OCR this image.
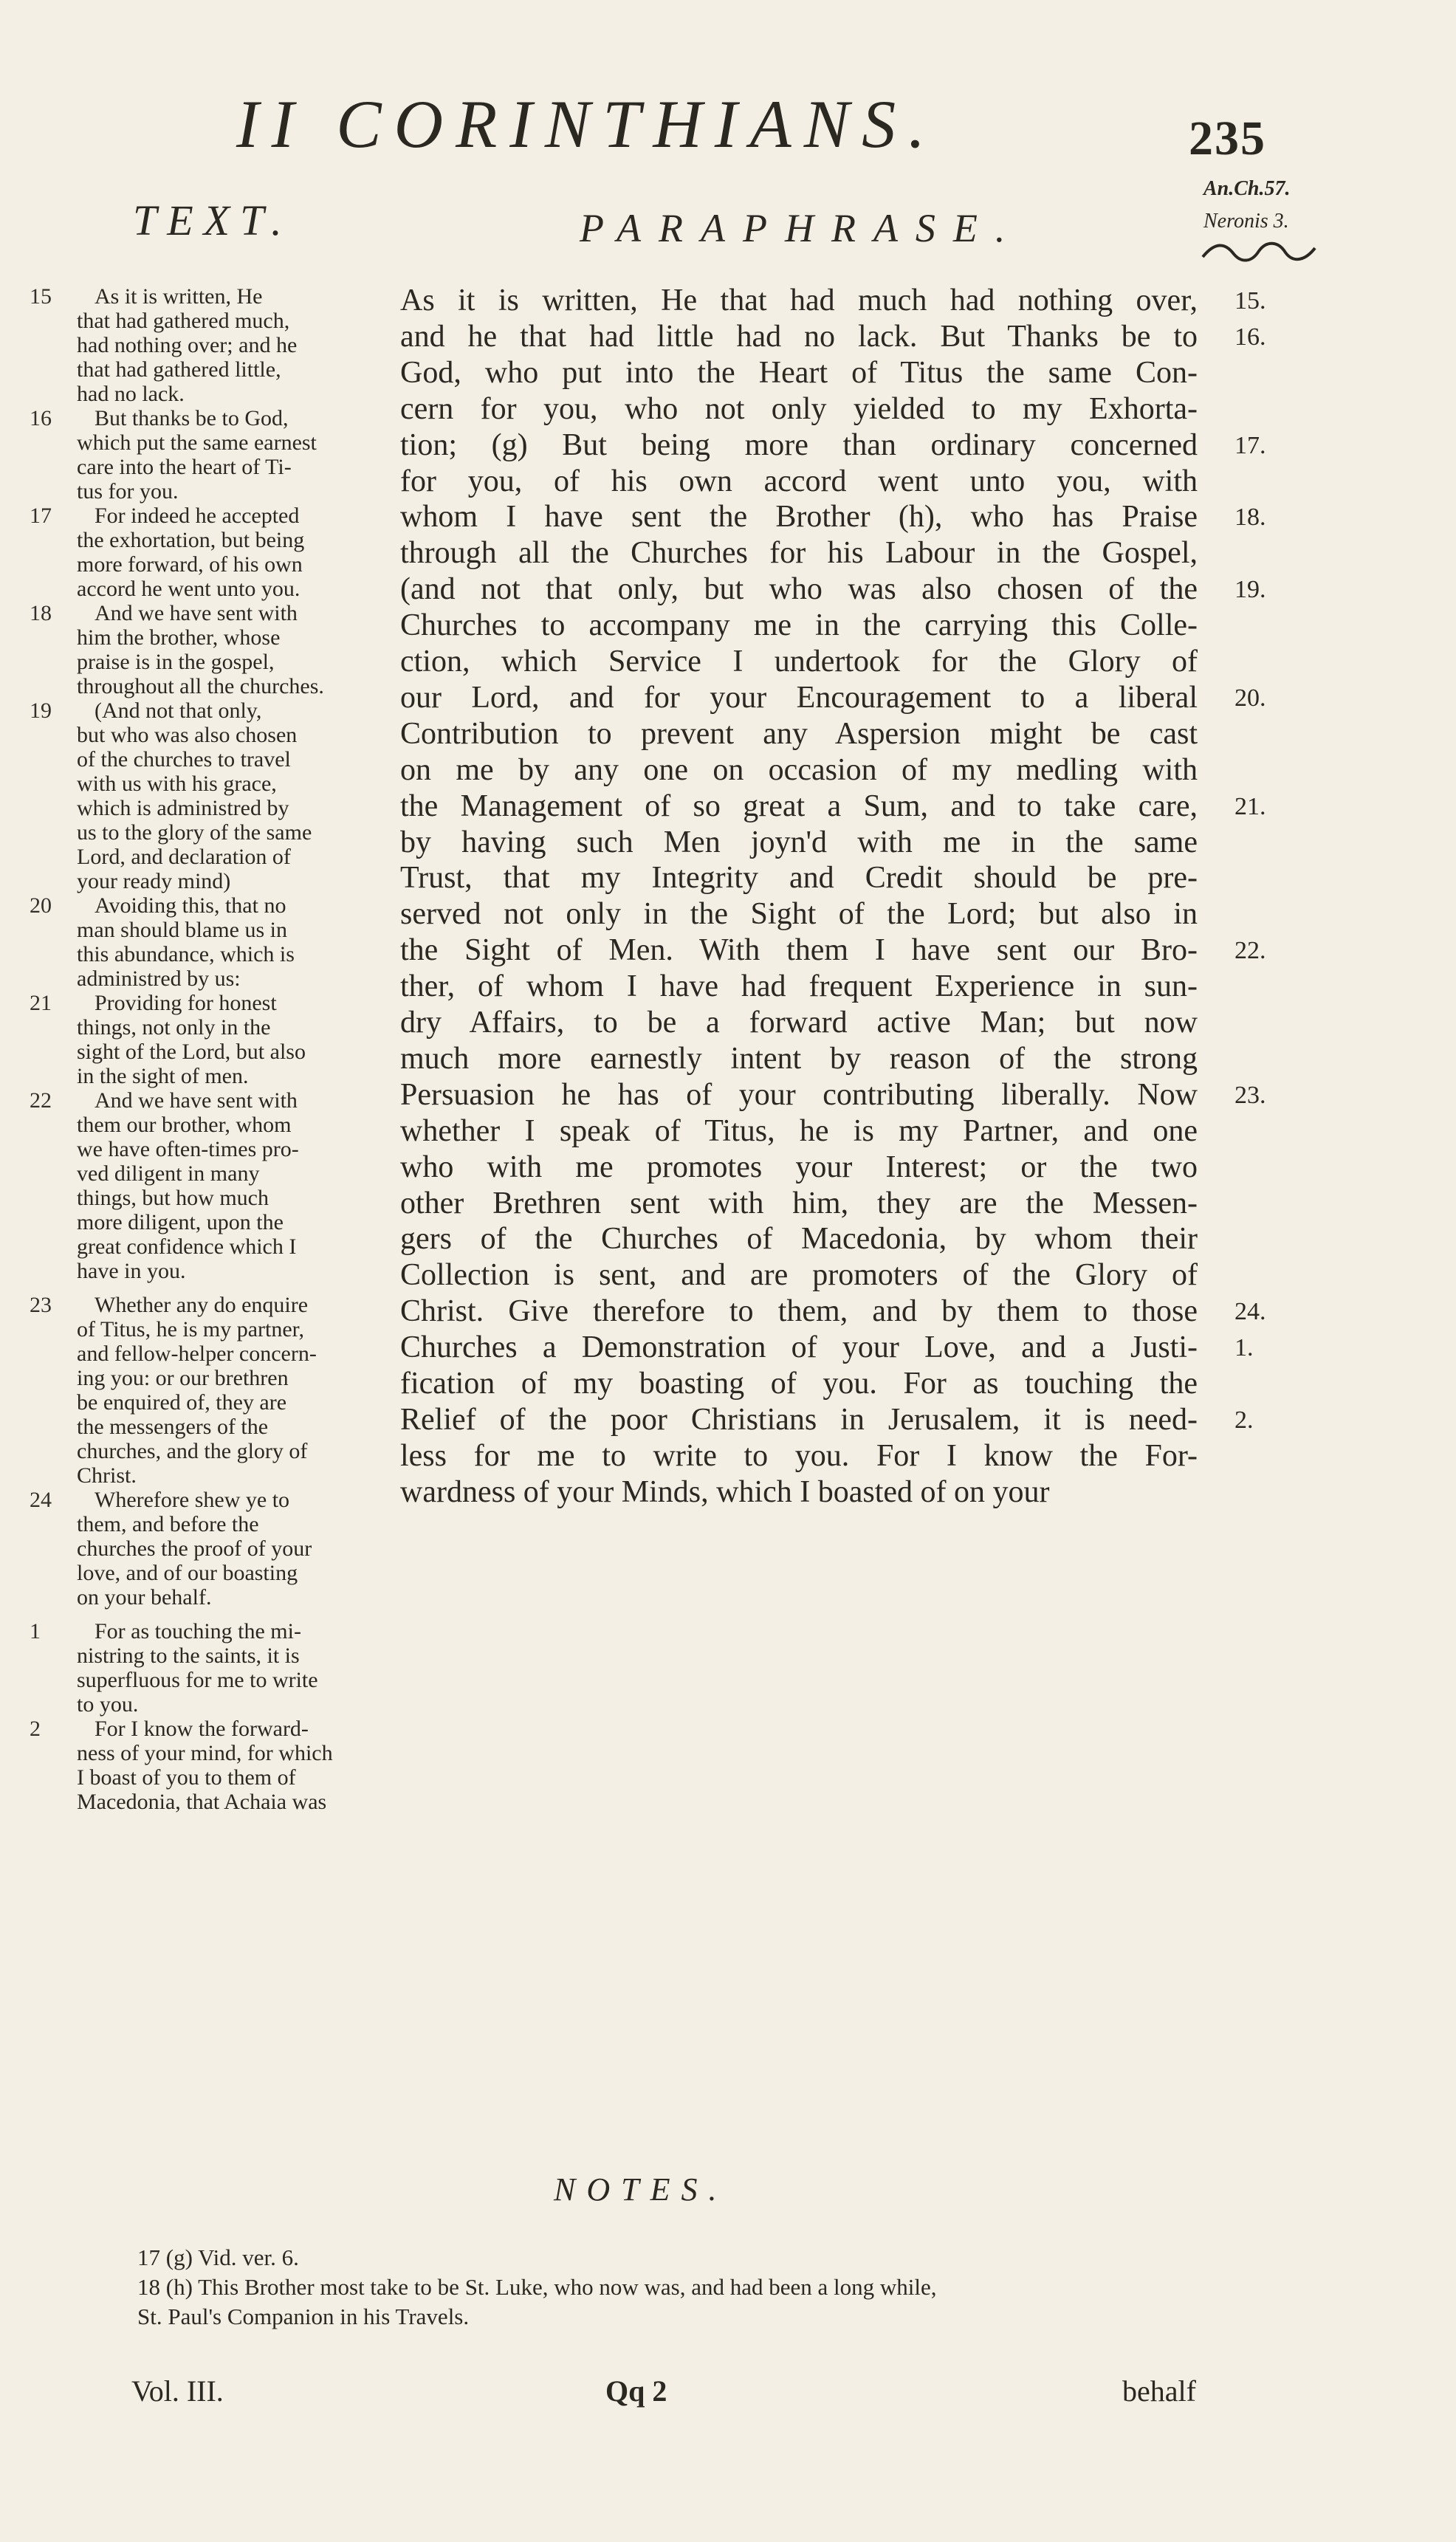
II CORINTHIANS.	235
An.Ch.57.
Neronis 3.
TEXT.	PARAPHRASE.
15 As it is written, He
that had gathered much,
had nothing over; and he
that had gathered little,
had no lack.
16 But thanks be to God,
which put the same earnest
care into the heart of Ti-
tus for you.
17 For indeed he accepted
the exhortation, but being
more forward, of his own
accord he went unto you.
18 And we have sent with
him the brother, whose
praise is in the gospel,
throughout all the churches.
19 (And not that only,
but who was also chosen
of the churches to travel
with us with his grace,
which is administred by
us to the glory of the same
Lord, and declaration of
your ready mind)
20 Avoiding this, that no
man should blame us in
this abundance, which is
administred by us:
21 Providing for honest
things, not only in the
sight of the Lord, but also
in the sight of men.
22 And we have sent with
them our brother, whom
we have often-times pro-
ved diligent in many
things, but how much
more diligent, upon the
great confidence which I
have in you.
23 Whether any do enquire
of Titus, he is my partner,
and fellow-helper concern-
ing you: or our brethren
be enquired of, they are
the messengers of the
churches, and the glory of
Christ.
24 Wherefore shew ye to
them, and before the
churches the proof of your
love, and of our boasting
on your behalf.
1 For as touching the mi-
nistring to the saints, it is
superfluous for me to write
to you.
2 For I know the forward-
ness of your mind, for which
I boast of you to them of
Macedonia, that Achaia was
As it is written, He that had much had nothing over,
and he that had little had no lack. But Thanks be to
God, who put into the Heart of Titus the same Con-
cern for you, who not only yielded to my Exhorta-
tion; (g) But being more than ordinary concerned
for you, of his own accord went unto you, with
whom I have sent the Brother (h), who has Praise
through all the Churches for his Labour in the Gospel,
(and not that only, but who was also chosen of the
Churches to accompany me in the carrying this Colle-
ction, which Service I undertook for the Glory of
our Lord, and for your Encouragement to a liberal
Contribution to prevent any Aspersion might be cast
on me by any one on occasion of my medling with
the Management of so great a Sum, and to take care,
by having such Men joyn'd with me in the same
Trust, that my Integrity and Credit should be pre-
served not only in the Sight of the Lord; but also in
the Sight of Men. With them I have sent our Bro-
ther, of whom I have had frequent Experience in sun-
dry Affairs, to be a forward active Man; but now
much more earnestly intent by reason of the strong
Persuasion he has of your contributing liberally. Now
whether I speak of Titus, he is my Partner, and one
who with me promotes your Interest; or the two
other Brethren sent with him, they are the Messen-
gers of the Churches of Macedonia, by whom their
Collection is sent, and are promoters of the Glory of
Christ. Give therefore to them, and by them to those
Churches a Demonstration of your Love, and a Justi-
fication of my boasting of you. For as touching the
Relief of the poor Christians in Jerusalem, it is need-
less for me to write to you. For I know the For-
wardness of your Minds, which I boasted of on your
15.
16.
17.
18.
19.
20.
21.
22.
23.
24.
1.
2.
NOTES.
17 (g) Vid. ver. 6.
18 (h) This Brother most take to be St. Luke, who now was, and had been a long while,
St. Paul's Companion in his Travels.
Vol. III.	Qq 2	behalf
